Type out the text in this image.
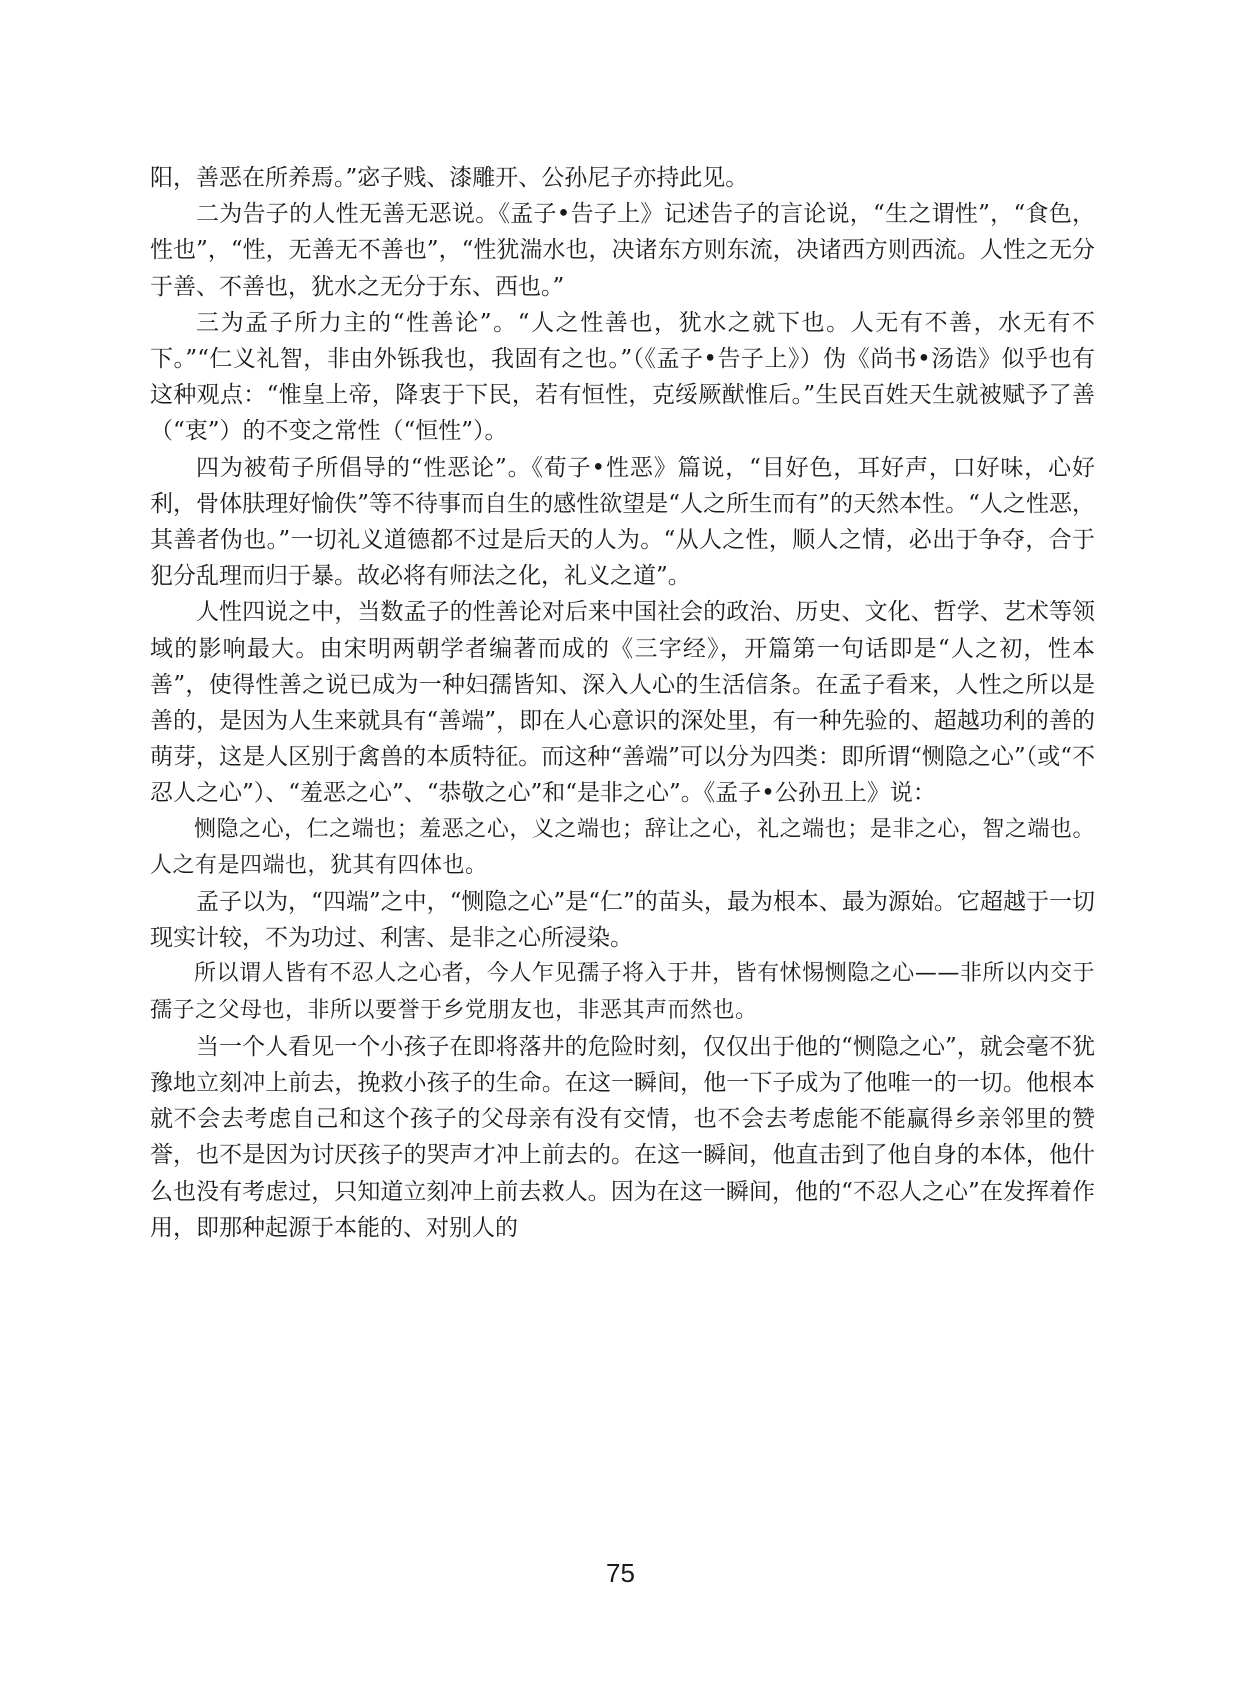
阳，善恶在所养焉。”宓子贱、漆雕开、公孙尼子亦持此见。

二为告子的人性无善无恶说。《孟子•告子上》记述告子的言论说，“生之谓性”，“食色，性也”，“性，无善无不善也”，“性犹湍水也，决诸东方则东流，决诸西方则西流。人性之无分于善、不善也，犹水之无分于东、西也。”

三为孟子所力主的“性善论”。“人之性善也，犹水之就下也。人无有不善，水无有不下。”“仁义礼智，非由外铄我也，我固有之也。”（《孟子•告子上》）伪《尚书•汤诰》似乎也有这种观点：“惟皇上帝，降衷于下民，若有恒性，克绥厥猷惟后。”生民百姓天生就被赋予了善（“衷”）的不变之常性（“恒性”）。

四为被荀子所倡导的“性恶论”。《荀子•性恶》篇说，“目好色，耳好声，口好味，心好利，骨体肤理好愉佚”等不待事而自生的感性欲望是“人之所生而有”的天然本性。“人之性恶，其善者伪也。”一切礼义道德都不过是后天的人为。“从人之性，顺人之情，必出于争夺，合于犯分乱理而归于暴。故必将有师法之化，礼义之道”。

人性四说之中，当数孟子的性善论对后来中国社会的政治、历史、文化、哲学、艺术等领域的影响最大。由宋明两朝学者编著而成的《三字经》，开篇第一句话即是“人之初，性本善”，使得性善之说已成为一种妇孺皆知、深入人心的生活信条。在孟子看来，人性之所以是善的，是因为人生来就具有“善端”，即在人心意识的深处里，有一种先验的、超越功利的善的萌芽，这是人区别于禽兽的本质特征。而这种“善端”可以分为四类：即所谓“恻隐之心”（或“不忍人之心”）、“羞恶之心”、“恭敬之心”和“是非之心”。《孟子•公孙丑上》说：

恻隐之心，仁之端也；羞恶之心，义之端也；辞让之心，礼之端也；是非之心，智之端也。人之有是四端也，犹其有四体也。

孟子以为，“四端”之中，“恻隐之心”是“仁”的苗头，最为根本、最为源始。它超越于一切现实计较，不为功过、利害、是非之心所浸染。

所以谓人皆有不忍人之心者，今人乍见孺子将入于井，皆有怵惕恻隐之心——非所以内交于孺子之父母也，非所以要誉于乡党朋友也，非恶其声而然也。

当一个人看见一个小孩子在即将落井的危险时刻，仅仅出于他的“恻隐之心”，就会毫不犹豫地立刻冲上前去，挽救小孩子的生命。在这一瞬间，他一下子成为了他唯一的一切。他根本就不会去考虑自己和这个孩子的父母亲有没有交情，也不会去考虑能不能赢得乡亲邻里的赞誉，也不是因为讨厌孩子的哭声才冲上前去的。在这一瞬间，他直击到了他自身的本体，他什么也没有考虑过，只知道立刻冲上前去救人。因为在这一瞬间，他的“不忍人之心”在发挥着作用，即那种起源于本能的、对别人的

75
